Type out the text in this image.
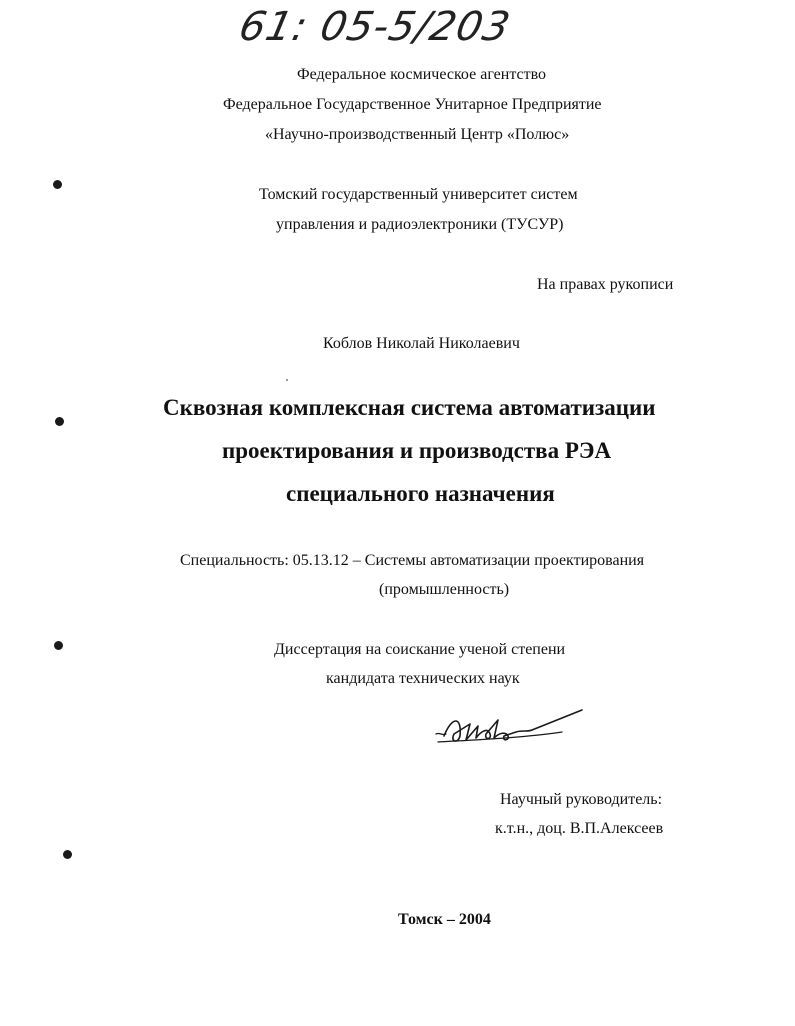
61: 05-5/203
Федеральное космическое агентство
Федеральное Государственное Унитарное Предприятие
«Научно-производственный Центр «Полюс»
Томский государственный университет систем
управления и радиоэлектроники (ТУСУР)
На правах рукописи
Коблов Николай Николаевич
Сквозная комплексная система автоматизации
проектирования и производства РЭА
специального назначения
Специальность: 05.13.12 – Системы автоматизации проектирования
(промышленность)
Диссертация на соискание ученой степени
кандидата технических наук
Научный руководитель:
к.т.н., доц. В.П.Алексеев
Томск – 2004
